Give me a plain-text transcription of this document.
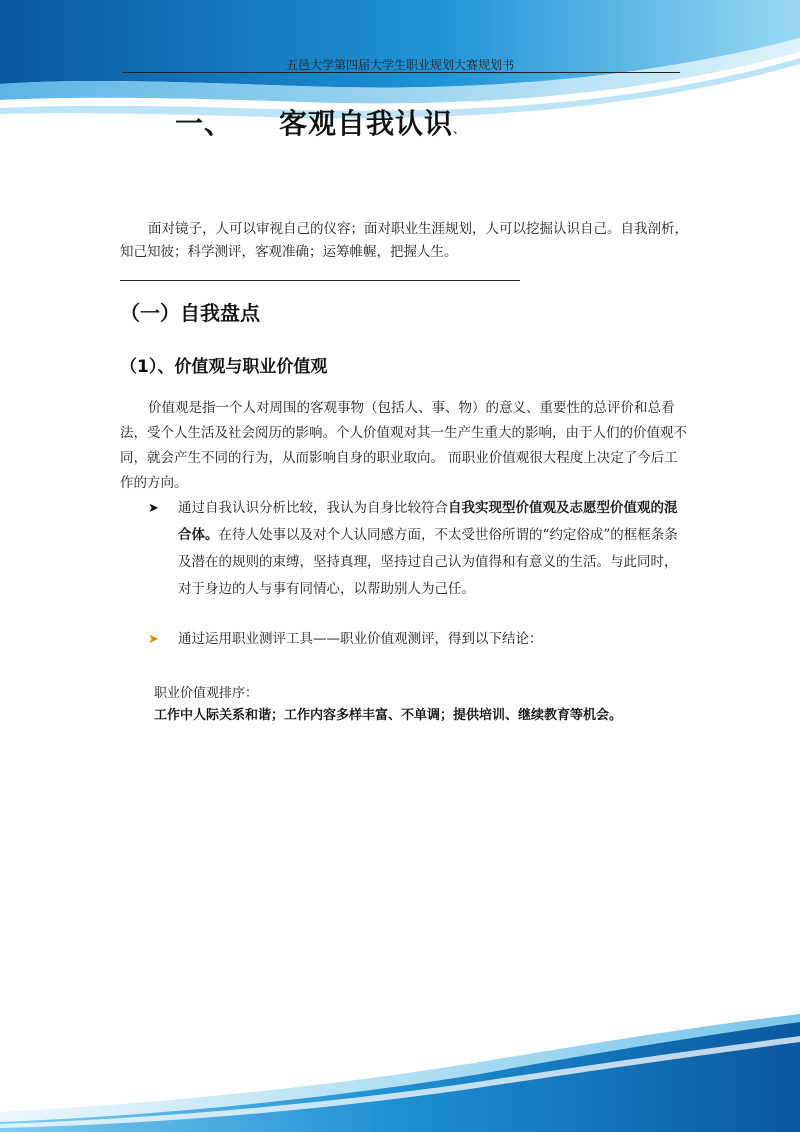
五邑大学第四届大学生职业规划大赛规划书
一、 客观自我认识、
面对镜子，人可以审视自己的仪容；面对职业生涯规划，人可以挖掘认识自己。自我剖析，知己知彼；科学测评，客观准确；运筹帷幄，把握人生。
（一）自我盘点
（1）、价值观与职业价值观
价值观是指一个人对周围的客观事物（包括人、事、物）的意义、重要性的总评价和总看法，受个人生活及社会阅历的影响。个人价值观对其一生产生重大的影响，由于人们的价值观不同，就会产生不同的行为，从而影响自身的职业取向。 而职业价值观很大程度上决定了今后工作的方向。
➤	通过自我认识分析比较，我认为自身比较符合自我实现型价值观及志愿型价值观的混合体。在待人处事以及对个人认同感方面，不太受世俗所谓的“约定俗成”的框框条条及潜在的规则的束缚，坚持真理，坚持过自己认为值得和有意义的生活。与此同时，对于身边的人与事有同情心，以帮助别人为己任。
➤	通过运用职业测评工具——职业价值观测评，得到以下结论：
职业价值观排序：
工作中人际关系和谐；工作内容多样丰富、不单调；提供培训、继续教育等机会。
